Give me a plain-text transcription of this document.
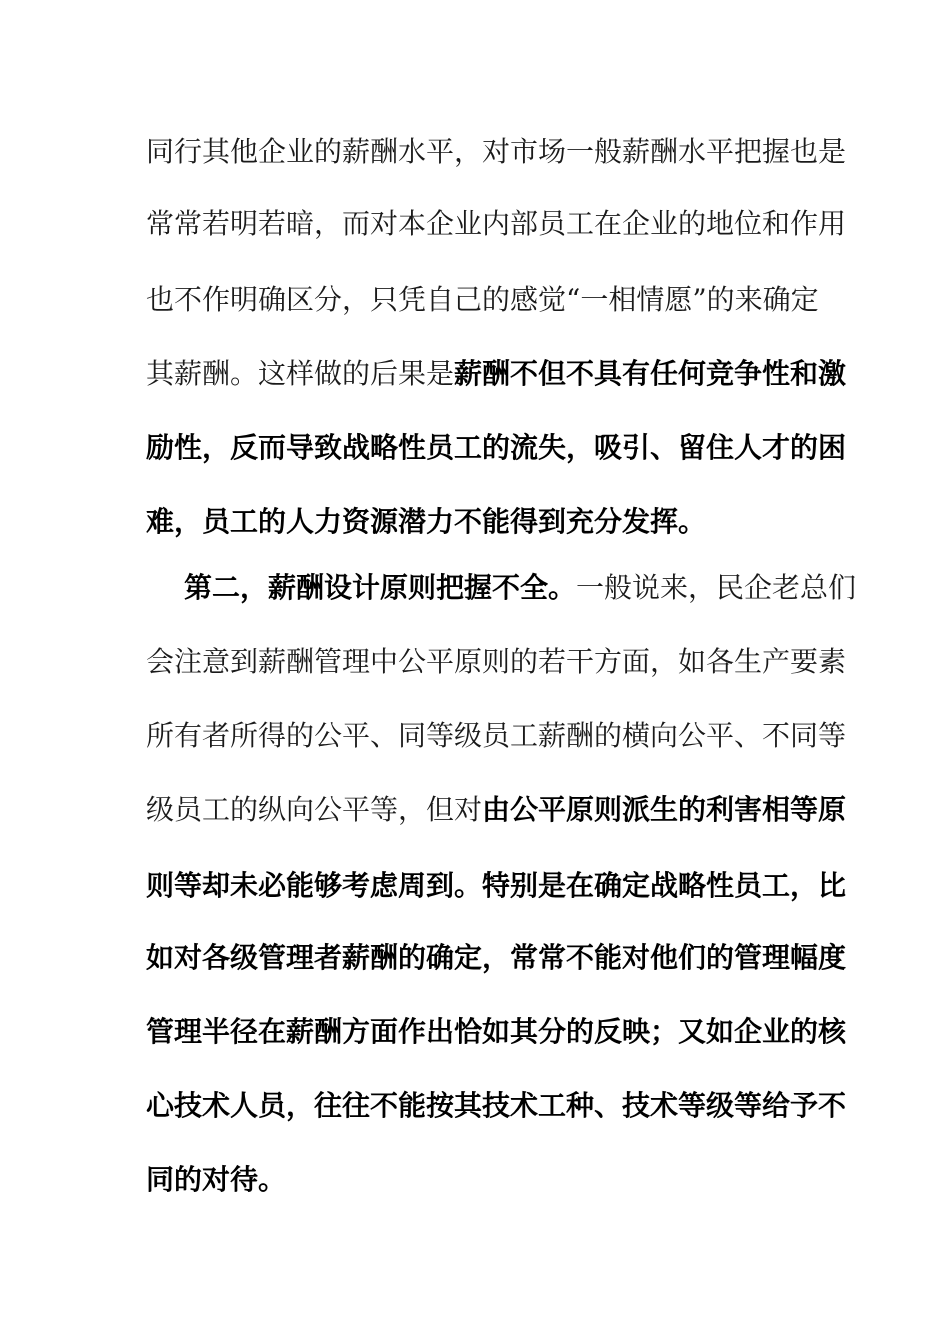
同行其他企业的薪酬水平，对市场一般薪酬水平把握也是
常常若明若暗，而对本企业内部员工在企业的地位和作用
也不作明确区分，只凭自己的感觉“一相情愿”的来确定
其薪酬。这样做的后果是薪酬不但不具有任何竞争性和激
励性，反而导致战略性员工的流失，吸引、留住人才的困
难，员工的人力资源潜力不能得到充分发挥。
第二，薪酬设计原则把握不全。一般说来，民企老总们
会注意到薪酬管理中公平原则的若干方面，如各生产要素
所有者所得的公平、同等级员工薪酬的横向公平、不同等
级员工的纵向公平等，但对由公平原则派生的利害相等原
则等却未必能够考虑周到。特别是在确定战略性员工，比
如对各级管理者薪酬的确定，常常不能对他们的管理幅度
管理半径在薪酬方面作出恰如其分的反映；又如企业的核
心技术人员，往往不能按其技术工种、技术等级等给予不
同的对待。
